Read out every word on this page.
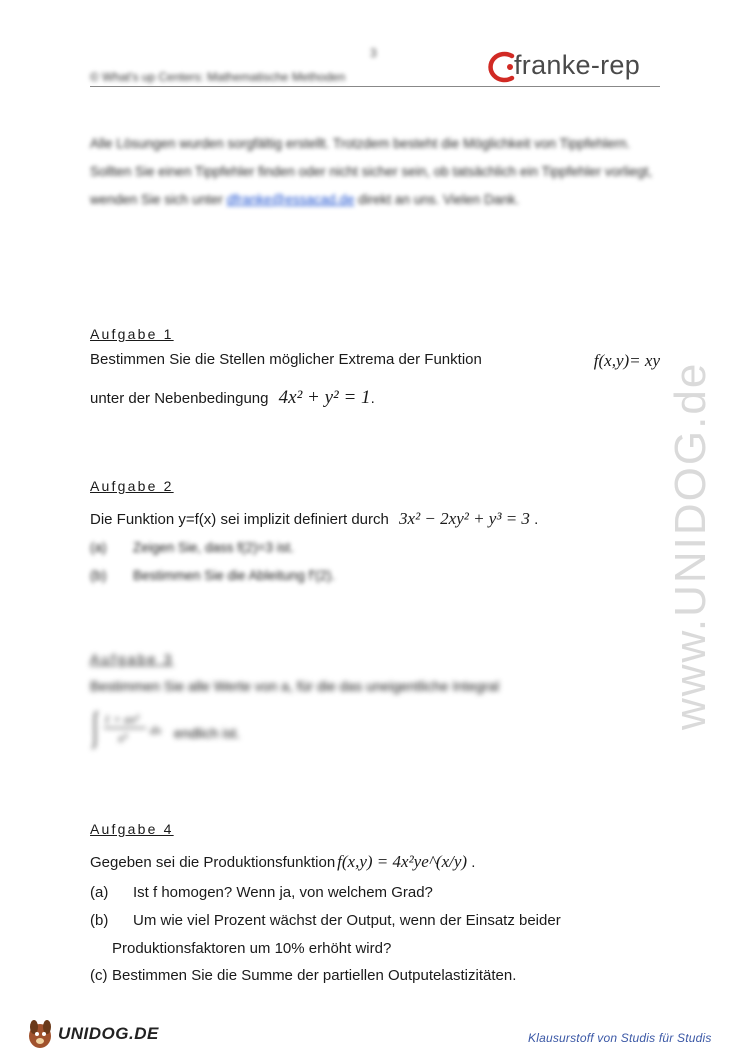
3
© What's up Centers: Mathematische Methoden	franke-rep
Alle Lösungen wurden sorgfältig erstellt. Trotzdem besteht die Möglichkeit von Tippfehlern. Sollten Sie einen Tippfehler finden oder nicht sicher sein, ob tatsächlich ein Tippfehler vorliegt, wenden Sie sich unter dfranke@essacad.de direkt an uns. Vielen Dank.
www.UNIDOG.de
Aufgabe 1
Bestimmen Sie die Stellen möglicher Extrema der Funktion	f(x,y)= xy
unter der Nebenbedingung 4x² + y² = 1.
Aufgabe 2
Die Funktion y=f(x) sei implizit definiert durch 3x² − 2xy² + y³ = 3 .
(a) Zeigen Sie, dass f(2)=3 ist.
(b) Bestimmen Sie die Ableitung f'(2).
Aufgabe 3
Bestimmen Sie alle Werte von a, für die das uneigentliche Integral
1 + ax²
x³
dx endlich ist.
Aufgabe 4
Gegeben sei die Produktionsfunktion f(x,y) = 4x²ye^(x/y) .
(a) Ist f homogen? Wenn ja, von welchem Grad?
(b) Um wie viel Prozent wächst der Output, wenn der Einsatz beider
Produktionsfaktoren um 10% erhöht wird?
(c) Bestimmen Sie die Summe der partiellen Outputelastizitäten.
UNIDOG.DE	Klausurstoff von Studis für Studis
